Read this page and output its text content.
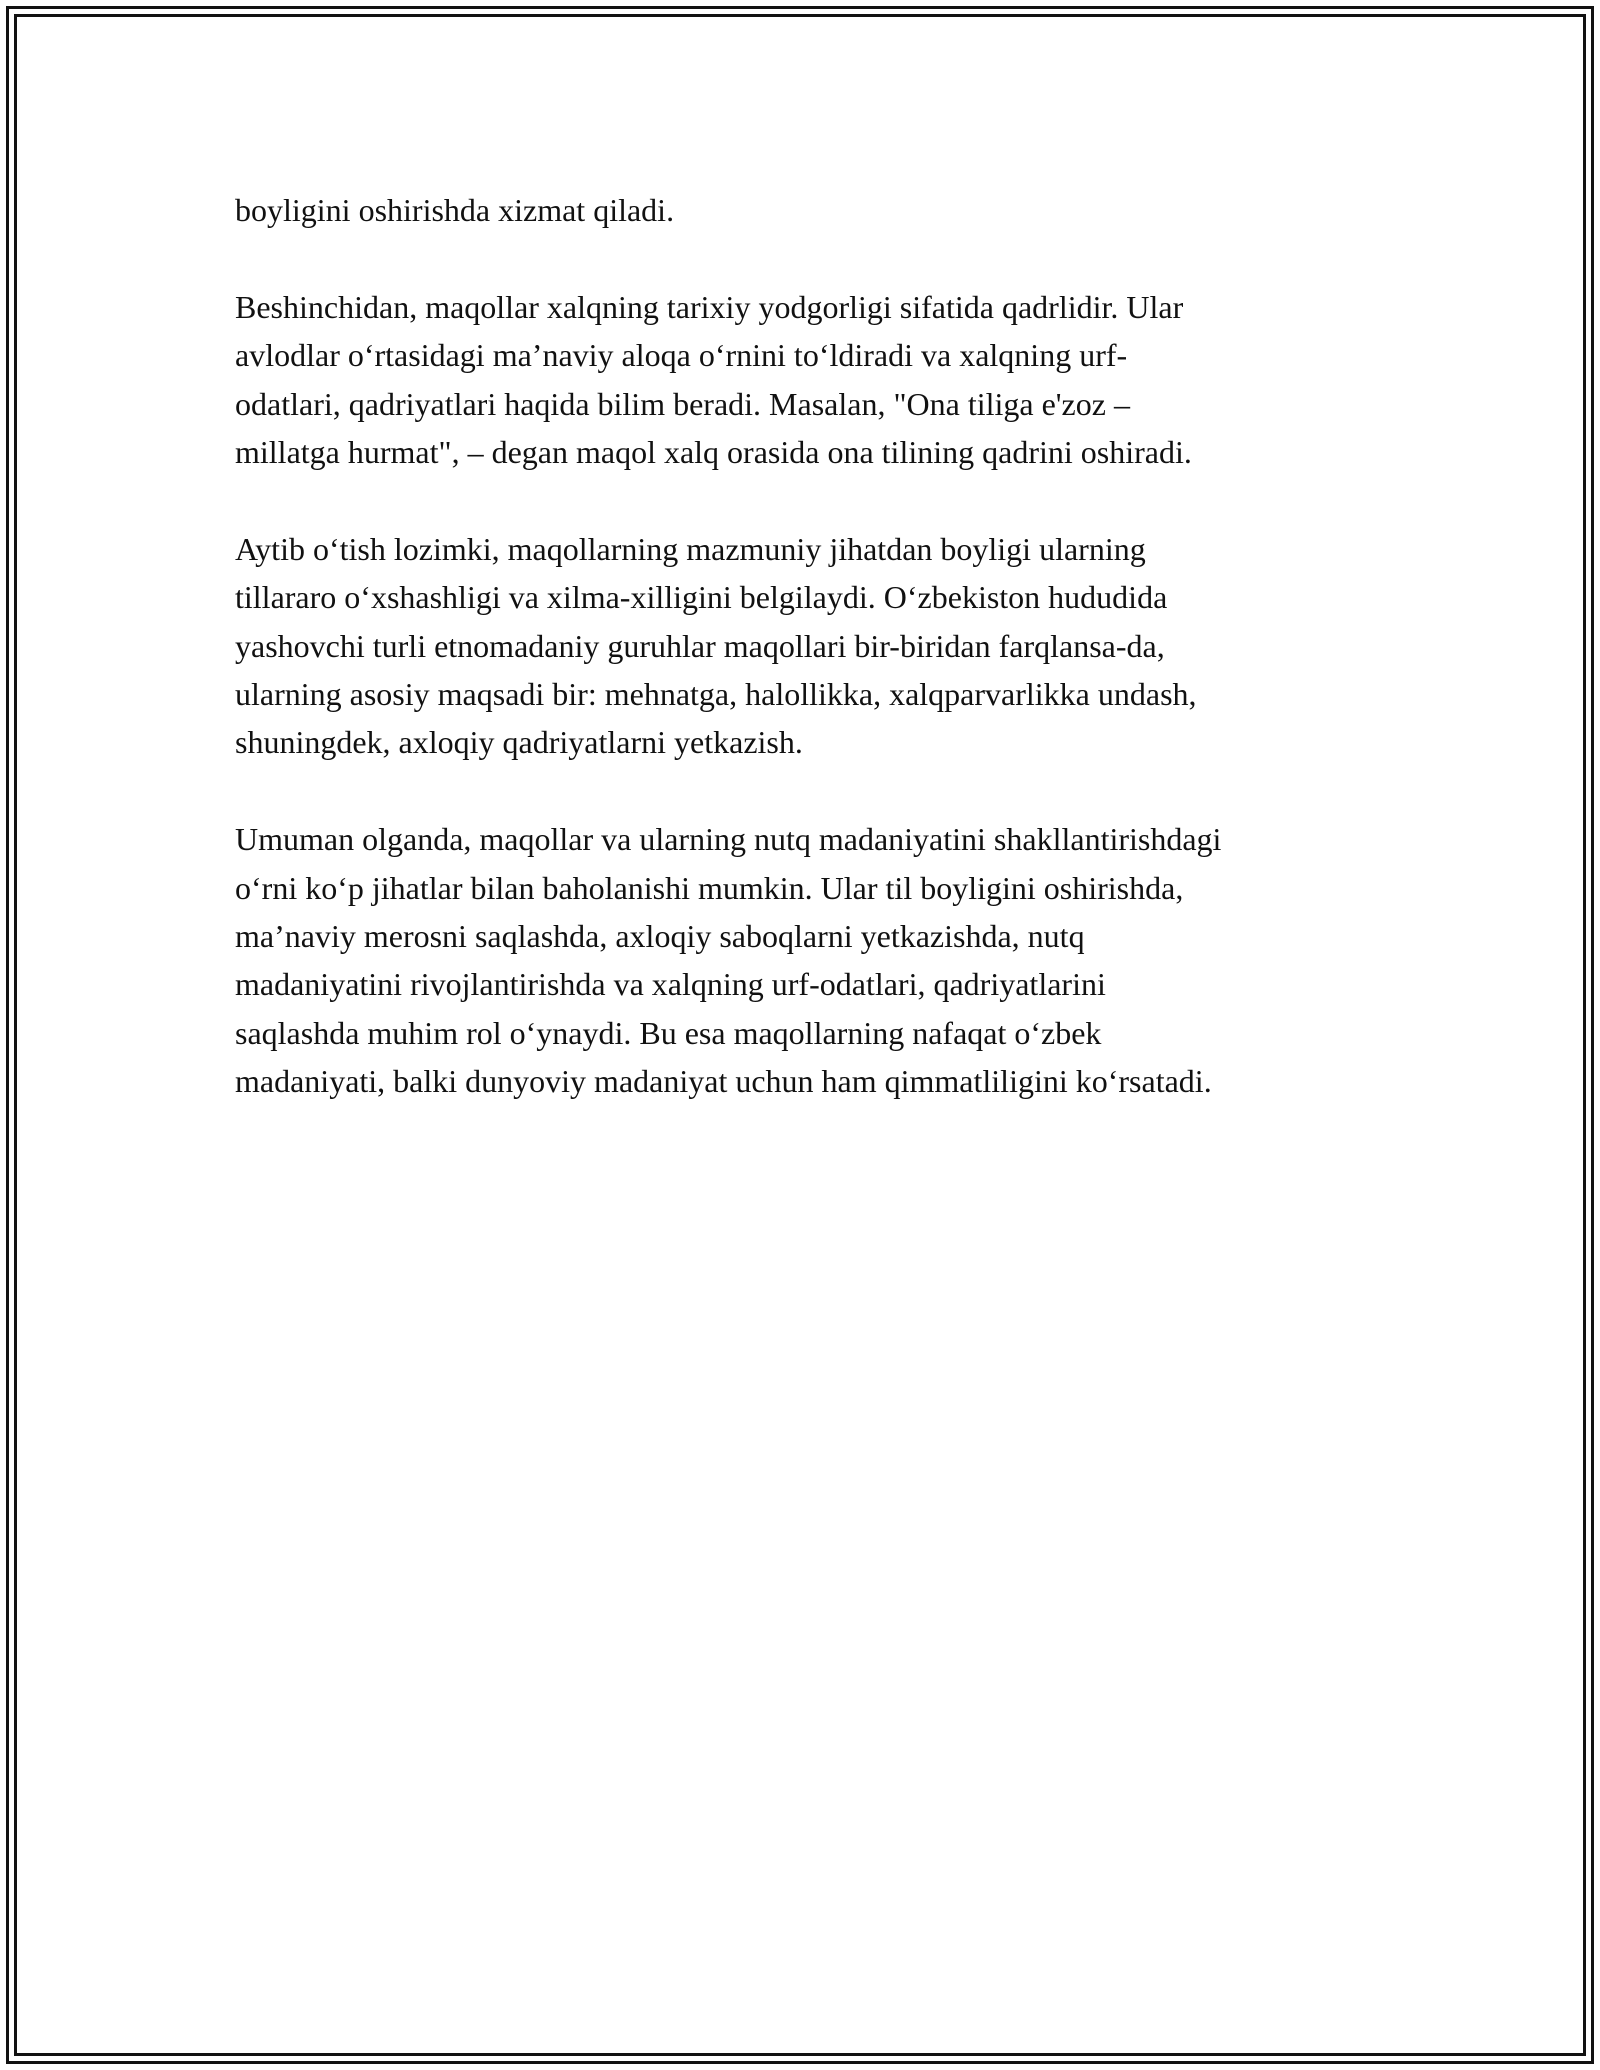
boyligini oshirishda xizmat qiladi.

Beshinchidan, maqollar xalqning tarixiy yodgorligi sifatida qadrlidir. Ular
avlodlar o‘rtasidagi ma’naviy aloqa o‘rnini to‘ldiradi va xalqning urf-
odatlari, qadriyatlari haqida bilim beradi. Masalan, "Ona tiliga e'zoz –
millatga hurmat", – degan maqol xalq orasida ona tilining qadrini oshiradi.

Aytib o‘tish lozimki, maqollarning mazmuniy jihatdan boyligi ularning
tillararo o‘xshashligi va xilma-xilligini belgilaydi. O‘zbekiston hududida
yashovchi turli etnomadaniy guruhlar maqollari bir-biridan farqlansa-da,
ularning asosiy maqsadi bir: mehnatga, halollikka, xalqparvarlikka undash,
shuningdek, axloqiy qadriyatlarni yetkazish.

Umuman olganda, maqollar va ularning nutq madaniyatini shakllantirishdagi
o‘rni ko‘p jihatlar bilan baholanishi mumkin. Ular til boyligini oshirishda,
ma’naviy merosni saqlashda, axloqiy saboqlarni yetkazishda, nutq
madaniyatini rivojlantirishda va xalqning urf-odatlari, qadriyatlarini
saqlashda muhim rol o‘ynaydi. Bu esa maqollarning nafaqat o‘zbek
madaniyati, balki dunyoviy madaniyat uchun ham qimmatliligini ko‘rsatadi.
